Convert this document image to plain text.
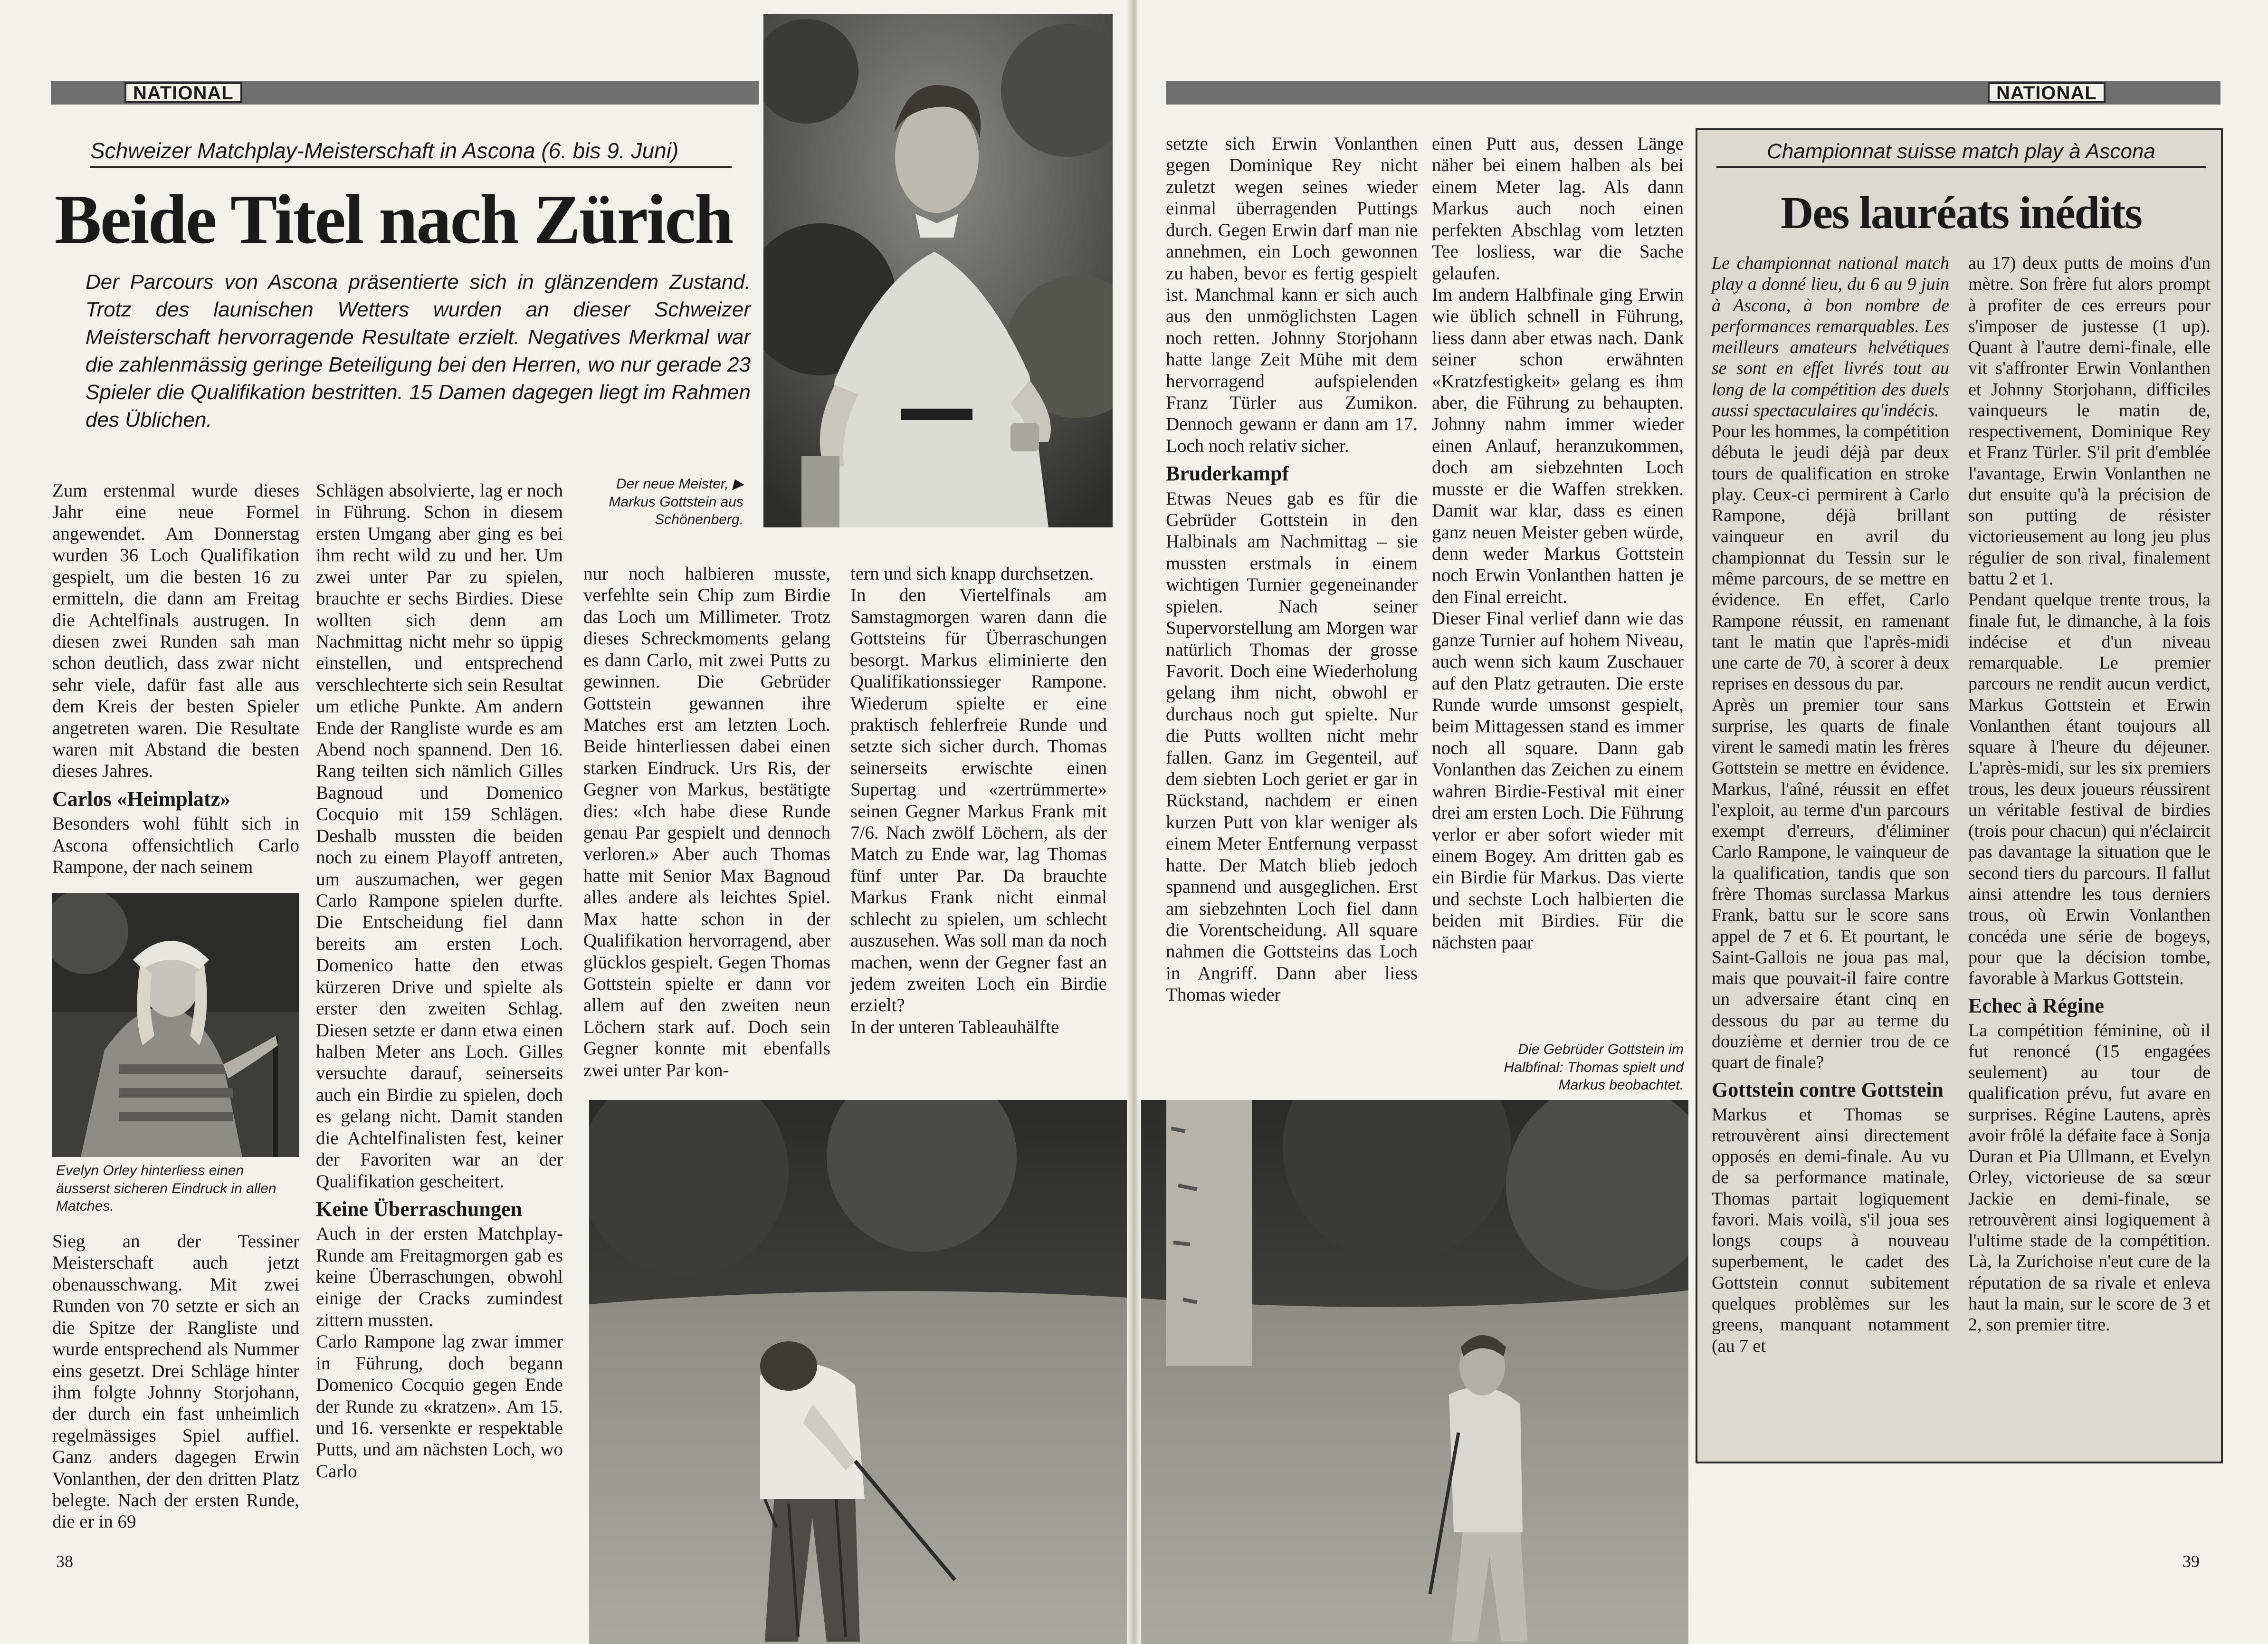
NATIONAL
Schweizer Matchplay-Meisterschaft in Ascona (6. bis 9. Juni)
Beide Titel nach Zürich
Der Parcours von Ascona präsentierte sich in glänzendem Zustand. Trotz des launischen Wetters wurden an dieser Schweizer Meisterschaft hervorragende Resultate erzielt. Negatives Merkmal war die zahlenmässig geringe Beteiligung bei den Herren, wo nur gerade 23 Spieler die Qualifikation bestritten. 15 Damen dagegen liegt im Rahmen des Üblichen.
Der neue Meister, ▶ Markus Gottstein aus Schönenberg.

Zum erstenmal wurde dieses Jahr eine neue Formel angewendet. Am Donnerstag wurden 36 Loch Qualifikation gespielt, um die besten 16 zu ermitteln, die dann am Freitag die Achtelfinals austrugen. In diesen zwei Runden sah man schon deutlich, dass zwar nicht sehr viele, dafür fast alle aus dem Kreis der besten Spieler angetreten waren. Die Resultate waren mit Abstand die besten dieses Jahres.

Carlos «Heimplatz»

Besonders wohl fühlt sich in Ascona offensichtlich Carlo Rampone, der nach seinem

Evelyn Orley hinterliess einen äusserst sicheren Eindruck in allen Matches.

Sieg an der Tessiner Meisterschaft auch jetzt obenausschwang. Mit zwei Runden von 70 setzte er sich an die Spitze der Rangliste und wurde entsprechend als Nummer eins gesetzt. Drei Schläge hinter ihm folgte Johnny Storjohann, der durch ein fast unheimlich regelmässiges Spiel auffiel. Ganz anders dagegen Erwin Vonlanthen, der den dritten Platz belegte. Nach der ersten Runde, die er in 69

Schlägen absolvierte, lag er noch in Führung. Schon in diesem ersten Umgang aber ging es bei ihm recht wild zu und her. Um zwei unter Par zu spielen, brauchte er sechs Birdies. Diese wollten sich denn am Nachmittag nicht mehr so üppig einstellen, und entsprechend verschlechterte sich sein Resultat um etliche Punkte. Am andern Ende der Rangliste wurde es am Abend noch spannend. Den 16. Rang teilten sich nämlich Gilles Bagnoud und Domenico Cocquio mit 159 Schlägen. Deshalb mussten die beiden noch zu einem Playoff antreten, um auszumachen, wer gegen Carlo Rampone spielen durfte. Die Entscheidung fiel dann bereits am ersten Loch. Domenico hatte den etwas kürzeren Drive und spielte als erster den zweiten Schlag. Diesen setzte er dann etwa einen halben Meter ans Loch. Gilles versuchte darauf, seinerseits auch ein Birdie zu spielen, doch es gelang nicht. Damit standen die Achtelfinalisten fest, keiner der Favoriten war an der Qualifikation gescheitert.

Keine Überraschungen

Auch in der ersten Matchplay-Runde am Freitagmorgen gab es keine Überraschungen, obwohl einige der Cracks zumindest zittern mussten.

Carlo Rampone lag zwar immer in Führung, doch begann Domenico Cocquio gegen Ende der Runde zu «kratzen». Am 15. und 16. versenkte er respektable Putts, und am nächsten Loch, wo Carlo

nur noch halbieren musste, verfehlte sein Chip zum Birdie das Loch um Millimeter. Trotz dieses Schreckmoments gelang es dann Carlo, mit zwei Putts zu gewinnen. Die Gebrüder Gottstein gewannen ihre Matches erst am letzten Loch. Beide hinterliessen dabei einen starken Eindruck. Urs Ris, der Gegner von Markus, bestätigte dies: «Ich habe diese Runde genau Par gespielt und dennoch verloren.» Aber auch Thomas hatte mit Senior Max Bagnoud alles andere als leichtes Spiel. Max hatte schon in der Qualifikation hervorragend, aber glücklos gespielt. Gegen Thomas Gottstein spielte er dann vor allem auf den zweiten neun Löchern stark auf. Doch sein Gegner konnte mit ebenfalls zwei unter Par kon-

tern und sich knapp durchsetzen.

In den Viertelfinals am Samstagmorgen waren dann die Gottsteins für Überraschungen besorgt. Markus eliminierte den Qualifikationssieger Rampone. Wiederum spielte er eine praktisch fehlerfreie Runde und setzte sich sicher durch. Thomas seinerseits erwischte einen Supertag und «zertrümmerte» seinen Gegner Markus Frank mit 7/6. Nach zwölf Löchern, als der Match zu Ende war, lag Thomas fünf unter Par. Da brauchte Markus Frank nicht einmal schlecht zu spielen, um schlecht auszusehen. Was soll man da noch machen, wenn der Gegner fast an jedem zweiten Loch ein Birdie erzielt?

In der unteren Tableauhälfte

38
NATIONAL

setzte sich Erwin Vonlanthen gegen Dominique Rey nicht zuletzt wegen seines wieder einmal überragenden Puttings durch. Gegen Erwin darf man nie annehmen, ein Loch gewonnen zu haben, bevor es fertig gespielt ist. Manchmal kann er sich auch aus den unmöglichsten Lagen noch retten. Johnny Storjohann hatte lange Zeit Mühe mit dem hervorragend aufspielenden Franz Türler aus Zumikon. Dennoch gewann er dann am 17. Loch noch relativ sicher.

Bruderkampf

Etwas Neues gab es für die Gebrüder Gottstein in den Halbinals am Nachmittag – sie mussten erstmals in einem wichtigen Turnier gegeneinander spielen. Nach seiner Supervorstellung am Morgen war natürlich Thomas der grosse Favorit. Doch eine Wiederholung gelang ihm nicht, obwohl er durchaus noch gut spielte. Nur die Putts wollten nicht mehr fallen. Ganz im Gegenteil, auf dem siebten Loch geriet er gar in Rückstand, nachdem er einen kurzen Putt von klar weniger als einem Meter Entfernung verpasst hatte. Der Match blieb jedoch spannend und ausgeglichen. Erst am siebzehnten Loch fiel dann die Vorentscheidung. All square nahmen die Gottsteins das Loch in Angriff. Dann aber liess Thomas wieder

einen Putt aus, dessen Länge näher bei einem halben als bei einem Meter lag. Als dann Markus auch noch einen perfekten Abschlag vom letzten Tee losliess, war die Sache gelaufen.

Im andern Halbfinale ging Erwin wie üblich schnell in Führung, liess dann aber etwas nach. Dank seiner schon erwähnten «Kratzfestigkeit» gelang es ihm aber, die Führung zu behaupten. Johnny nahm immer wieder einen Anlauf, heranzukommen, doch am siebzehnten Loch musste er die Waffen strekken. Damit war klar, dass es einen ganz neuen Meister geben würde, denn weder Markus Gottstein noch Erwin Vonlanthen hatten je den Final erreicht.

Dieser Final verlief dann wie das ganze Turnier auf hohem Niveau, auch wenn sich kaum Zuschauer auf den Platz getrauten. Die erste Runde wurde umsonst gespielt, beim Mittagessen stand es immer noch all square. Dann gab Vonlanthen das Zeichen zu einem wahren Birdie-Festival mit einer drei am ersten Loch. Die Führung verlor er aber sofort wieder mit einem Bogey. Am dritten gab es ein Birdie für Markus. Das vierte und sechste Loch halbierten die beiden mit Birdies. Für die nächsten paar

Die Gebrüder Gottstein im Halbfinal: Thomas spielt und Markus beobachtet.
Championnat suisse match play à Ascona
Des lauréats inédits

Le championnat national match play a donné lieu, du 6 au 9 juin à Ascona, à bon nombre de performances remarquables. Les meilleurs amateurs helvétiques se sont en effet livrés tout au long de la compétition des duels aussi spectaculaires qu'indécis.

Pour les hommes, la compétition débuta le jeudi déjà par deux tours de qualification en stroke play. Ceux-ci permirent à Carlo Rampone, déjà brillant vainqueur en avril du championnat du Tessin sur le même parcours, de se mettre en évidence. En effet, Carlo Rampone réussit, en ramenant tant le matin que l'après-midi une carte de 70, à scorer à deux reprises en dessous du par.

Après un premier tour sans surprise, les quarts de finale virent le samedi matin les frères Gottstein se mettre en évidence. Markus, l'aîné, réussit en effet l'exploit, au terme d'un parcours exempt d'erreurs, d'éliminer Carlo Rampone, le vainqueur de la qualification, tandis que son frère Thomas surclassa Markus Frank, battu sur le score sans appel de 7 et 6. Et pourtant, le Saint-Gallois ne joua pas mal, mais que pouvait-il faire contre un adversaire étant cinq en dessous du par au terme du douzième et dernier trou de ce quart de finale?

Gottstein contre Gottstein

Markus et Thomas se retrouvèrent ainsi directement opposés en demi-finale. Au vu de sa performance matinale, Thomas partait logiquement favori. Mais voilà, s'il joua ses longs coups à nouveau superbement, le cadet des Gottstein connut subitement quelques problèmes sur les greens, manquant notamment (au 7 et

au 17) deux putts de moins d'un mètre. Son frère fut alors prompt à profiter de ces erreurs pour s'imposer de justesse (1 up). Quant à l'autre demi-finale, elle vit s'affronter Erwin Vonlanthen et Johnny Storjohann, difficiles vainqueurs le matin de, respectivement, Dominique Rey et Franz Türler. S'il prit d'emblée l'avantage, Erwin Vonlanthen ne dut ensuite qu'à la précision de son putting de résister victorieusement au long jeu plus régulier de son rival, finalement battu 2 et 1.

Pendant quelque trente trous, la finale fut, le dimanche, à la fois indécise et d'un niveau remarquable. Le premier parcours ne rendit aucun verdict, Markus Gottstein et Erwin Vonlanthen étant toujours all square à l'heure du déjeuner. L'après-midi, sur les six premiers trous, les deux joueurs réussirent un véritable festival de birdies (trois pour chacun) qui n'éclaircit pas davantage la situation que le second tiers du parcours. Il fallut ainsi attendre les tous derniers trous, où Erwin Vonlanthen concéda une série de bogeys, pour que la décision tombe, favorable à Markus Gottstein.

Echec à Régine

La compétition féminine, où il fut renoncé (15 engagées seulement) au tour de qualification prévu, fut avare en surprises. Régine Lautens, après avoir frôlé la défaite face à Sonja Duran et Pia Ullmann, et Evelyn Orley, victorieuse de sa sœur Jackie en demi-finale, se retrouvèrent ainsi logiquement à l'ultime stade de la compétition. Là, la Zurichoise n'eut cure de la réputation de sa rivale et enleva haut la main, sur le score de 3 et 2, son premier titre.

39
